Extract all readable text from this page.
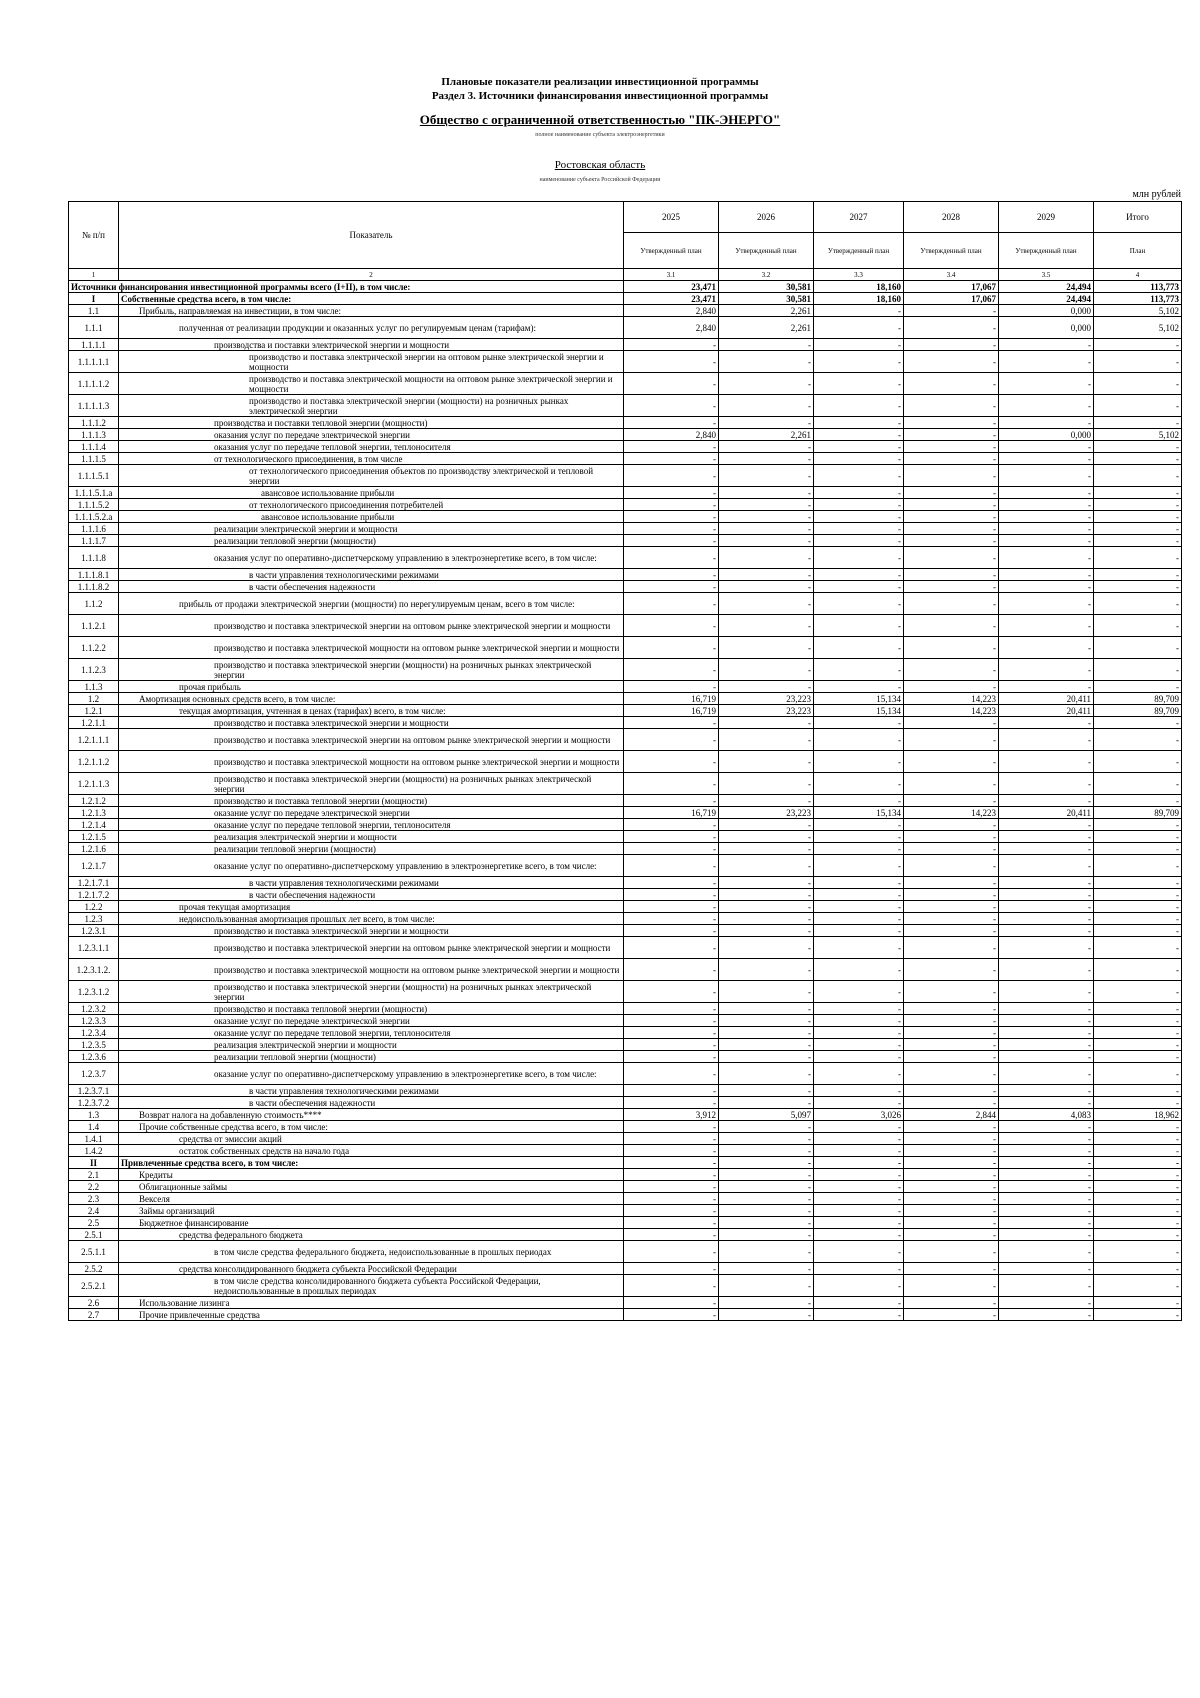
Плановые показатели реализации инвестиционной программы
Раздел 3. Источники финансирования инвестиционной программы
Общество с ограниченной ответственностью "ПК-ЭНЕРГО"
полное наименование субъекта электроэнергетики
Ростовская область
наименование субъекта Российской Федерации
млн рублей
№ п/п	Показатель	2025	2026	2027	2028	2029	Итого
		Утвержденный план	Утвержденный план	Утвержденный план	Утвержденный план	Утвержденный план	План
1	2	3.1	3.2	3.3	3.4	3.5	4
Источники финансирования инвестиционной программы всего (I+II), в том числе:		23,471	30,581	18,160	17,067	24,494	113,773
I	Собственные средства всего, в том числе:	23,471	30,581	18,160	17,067	24,494	113,773
1.1	Прибыль, направляемая на инвестиции, в том числе:	2,840	2,261	-	-	0,000	5,102
1.1.1	полученная от реализации продукции и оказанных услуг по регулируемым ценам (тарифам):	2,840	2,261	-	-	0,000	5,102
1.1.1.1	производства и поставки электрической энергии и мощности	-	-	-	-	-	-
1.1.1.1.1	производство и поставка электрической энергии на оптовом рынке электрической энергии и мощности	-	-	-	-	-	-
1.1.1.1.2	производство и поставка электрической мощности на оптовом рынке электрической энергии и мощности	-	-	-	-	-	-
1.1.1.1.3	производство и поставка электрической энергии (мощности) на розничных рынках электрической энергии	-	-	-	-	-	-
1.1.1.2	производства и поставки тепловой энергии (мощности)	-	-	-	-	-	-
1.1.1.3	оказания услуг по передаче электрической энергии	2,840	2,261	-	-	0,000	5,102
1.1.1.4	оказания услуг по передаче тепловой энергии, теплоносителя	-	-	-	-	-	-
1.1.1.5	от технологического присоединения, в том числе	-	-	-	-	-	-
1.1.1.5.1	от технологического присоединения объектов по производству электрической и тепловой энергии	-	-	-	-	-	-
1.1.1.5.1.a	авансовое использование прибыли	-	-	-	-	-	-
1.1.1.5.2	от технологического присоединения потребителей	-	-	-	-	-	-
1.1.1.5.2.a	авансовое использование прибыли	-	-	-	-	-	-
1.1.1.6	реализации электрической энергии и мощности	-	-	-	-	-	-
1.1.1.7	реализации тепловой энергии (мощности)	-	-	-	-	-	-
1.1.1.8	оказания услуг по оперативно-диспетчерскому управлению в электроэнергетике всего, в том числе:	-	-	-	-	-	-
1.1.1.8.1	в части управления технологическими режимами	-	-	-	-	-	-
1.1.1.8.2	в части обеспечения надежности	-	-	-	-	-	-
1.1.2	прибыль от продажи электрической энергии (мощности) по нерегулируемым ценам, всего в том числе:	-	-	-	-	-	-
1.1.2.1	производство и поставка электрической энергии на оптовом рынке электрической энергии и мощности	-	-	-	-	-	-
1.1.2.2	производство и поставка электрической мощности на оптовом рынке электрической энергии и мощности	-	-	-	-	-	-
1.1.2.3	производство и поставка электрической энергии (мощности) на розничных рынках электрической энергии	-	-	-	-	-	-
1.1.3	прочая прибыль	-	-	-	-	-	-
1.2	Амортизация основных средств всего, в том числе:	16,719	23,223	15,134	14,223	20,411	89,709
1.2.1	текущая амортизация, учтенная в ценах (тарифах) всего, в том числе:	16,719	23,223	15,134	14,223	20,411	89,709
1.2.1.1	производство и поставка электрической энергии и мощности	-	-	-	-	-	-
1.2.1.1.1	производство и поставка электрической энергии на оптовом рынке электрической энергии и мощности	-	-	-	-	-	-
1.2.1.1.2	производство и поставка электрической мощности на оптовом рынке электрической энергии и мощности	-	-	-	-	-	-
1.2.1.1.3	производство и поставка электрической энергии (мощности) на розничных рынках электрической энергии	-	-	-	-	-	-
1.2.1.2	производство и поставка тепловой энергии (мощности)	-	-	-	-	-	-
1.2.1.3	оказание услуг по передаче электрической энергии	16,719	23,223	15,134	14,223	20,411	89,709
1.2.1.4	оказание услуг по передаче тепловой энергии, теплоносителя	-	-	-	-	-	-
1.2.1.5	реализация электрической энергии и мощности	-	-	-	-	-	-
1.2.1.6	реализации тепловой энергии (мощности)	-	-	-	-	-	-
1.2.1.7	оказание услуг по оперативно-диспетчерскому управлению в электроэнергетике всего, в том числе:	-	-	-	-	-	-
1.2.1.7.1	в части управления технологическими режимами	-	-	-	-	-	-
1.2.1.7.2	в части обеспечения надежности	-	-	-	-	-	-
1.2.2	прочая текущая амортизация	-	-	-	-	-	-
1.2.3	недоиспользованная амортизация прошлых лет всего, в том числе:	-	-	-	-	-	-
1.2.3.1	производство и поставка электрической энергии и мощности	-	-	-	-	-	-
1.2.3.1.1	производство и поставка электрической энергии на оптовом рынке электрической энергии и мощности	-	-	-	-	-	-
1.2.3.1.2.	производство и поставка электрической мощности на оптовом рынке электрической энергии и мощности	-	-	-	-	-	-
1.2.3.1.2	производство и поставка электрической энергии (мощности) на розничных рынках электрической энергии	-	-	-	-	-	-
1.2.3.2	производство и поставка тепловой энергии (мощности)	-	-	-	-	-	-
1.2.3.3	оказание услуг по передаче электрической энергии	-	-	-	-	-	-
1.2.3.4	оказание услуг по передаче тепловой энергии, теплоносителя	-	-	-	-	-	-
1.2.3.5	реализация электрической энергии и мощности	-	-	-	-	-	-
1.2.3.6	реализации тепловой энергии (мощности)	-	-	-	-	-	-
1.2.3.7	оказание услуг по оперативно-диспетчерскому управлению в электроэнергетике всего, в том числе:	-	-	-	-	-	-
1.2.3.7.1	в части управления технологическими режимами	-	-	-	-	-	-
1.2.3.7.2	в части обеспечения надежности	-	-	-	-	-	-
1.3	Возврат налога на добавленную стоимость****	3,912	5,097	3,026	2,844	4,083	18,962
1.4	Прочие собственные средства всего, в том числе:	-	-	-	-	-	-
1.4.1	средства от эмиссии акций	-	-	-	-	-	-
1.4.2	остаток собственных средств на начало года	-	-	-	-	-	-
II	Привлеченные средства всего, в том числе:	-	-	-	-	-	-
2.1	Кредиты	-	-	-	-	-	-
2.2	Облигационные займы	-	-	-	-	-	-
2.3	Векселя	-	-	-	-	-	-
2.4	Займы организаций	-	-	-	-	-	-
2.5	Бюджетное финансирование	-	-	-	-	-	-
2.5.1	средства федерального бюджета	-	-	-	-	-	-
2.5.1.1	в том числе средства федерального бюджета, недоиспользованные в прошлых периодах	-	-	-	-	-	-
2.5.2	средства консолидированного бюджета субъекта Российской Федерации	-	-	-	-	-	-
2.5.2.1	в том числе средства консолидированного бюджета субъекта Российской Федерации, недоиспользованные в прошлых периодах	-	-	-	-	-	-
2.6	Использование лизинга	-	-	-	-	-	-
2.7	Прочие привлеченные средства	-	-	-	-	-	-
